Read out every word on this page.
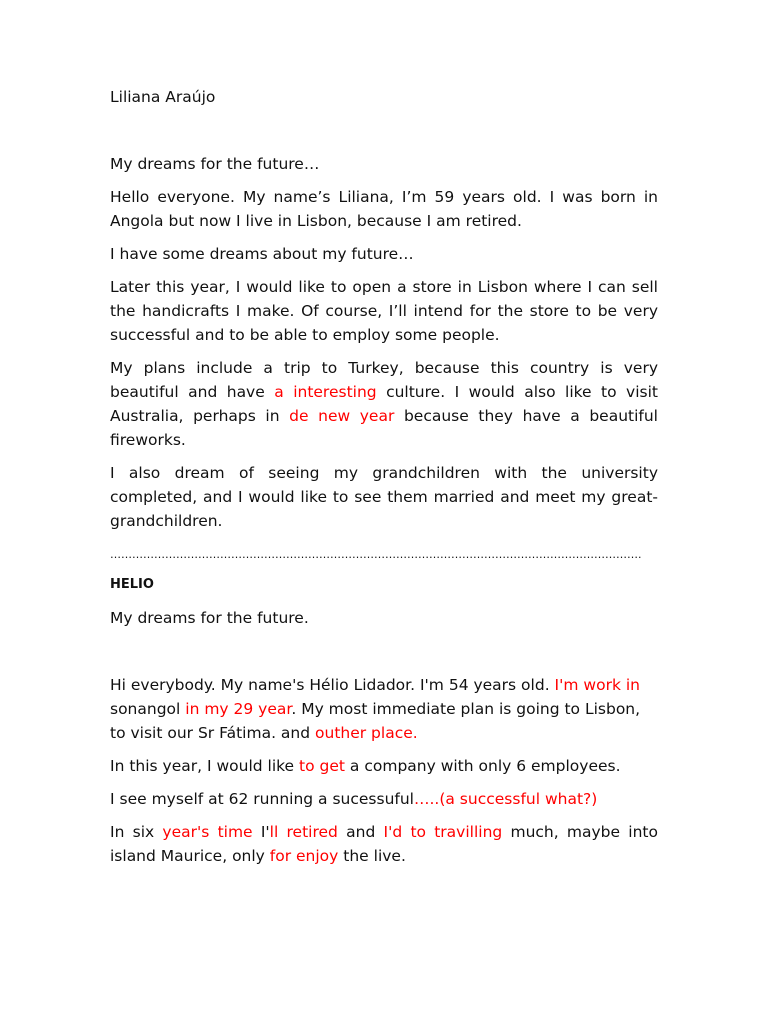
Liliana Araújo

My dreams for the future…

Hello everyone. My name’s Liliana, I’m 59 years old. I was born in Angola but now I live in Lisbon, because I am retired.

I have some dreams about my future…

Later this year, I would like to open a store in Lisbon where I can sell the handicrafts I make. Of course, I’ll intend for the store to be very successful and to be able to employ some people.

My plans include a trip to Turkey, because this country is very beautiful and have a interesting culture. I would also like to visit Australia, perhaps in de new year because they have a beautiful fireworks.

I also dream of seeing my grandchildren with the university completed, and I would like to see them married and meet my great-grandchildren.

……………………………………………………………………………………………………………………………….

HELIO

My dreams for the future.

Hi everybody. My name's Hélio Lidador. I'm 54 years old. I'm work in sonangol in my 29 year. My most immediate plan is going to Lisbon, to visit our Sr Fátima. and outher place.

In this year, I would like to get a company with only 6 employees.

I see myself at 62 running a sucessuful…..(a successful what?)

In six year's time I'll retired and I'd to travilling much, maybe into island Maurice, only for enjoy the live.
